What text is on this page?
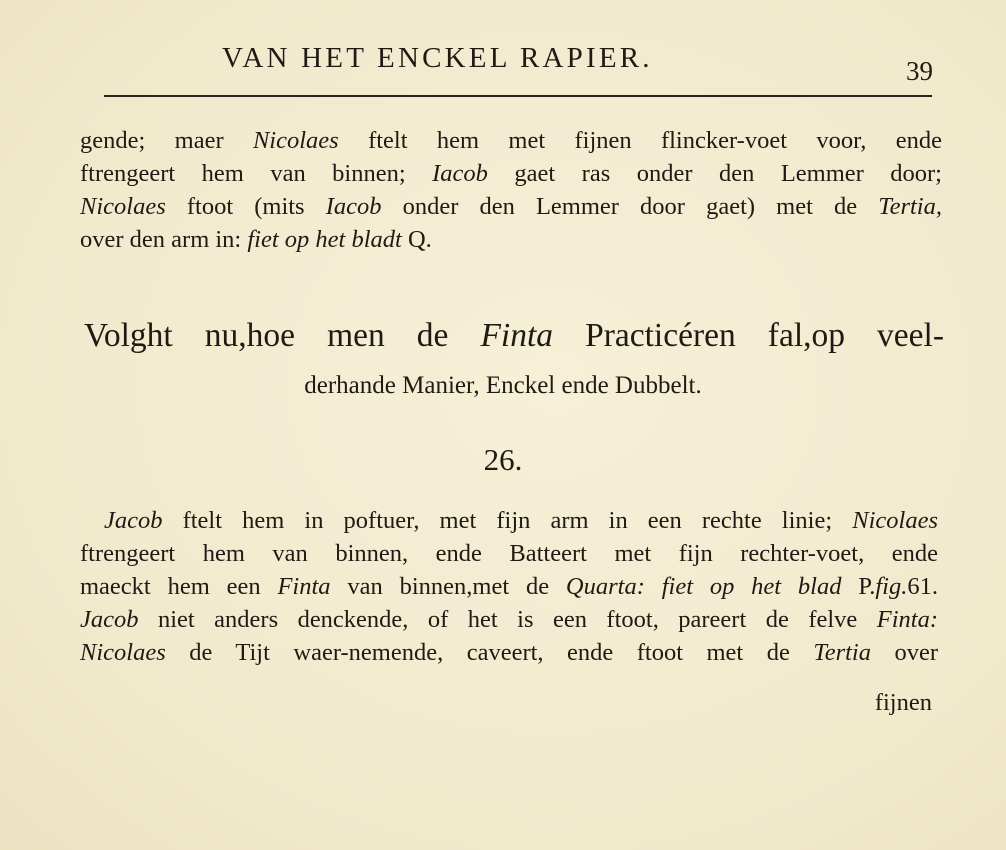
VAN HET ENCKEL RAPIER.	39
gende; maer Nicolaes ftelt hem met fijnen flincker-voet voor, ende
ftrengeert hem van binnen; Iacob gaet ras onder den Lemmer door;
Nicolaes ftoot (mits Iacob onder den Lemmer door gaet) met de Tertia,
over den arm in: fiet op het bladt Q.
Volght nu,hoe men de Finta Practicéren fal,op veel-
derhande Manier, Enckel ende Dubbelt.
26.
Jacob ftelt hem in poftuer, met fijn arm in een rechte linie; Nicolaes
ftrengeert hem van binnen, ende Batteert met fijn rechter-voet, ende
maeckt hem een Finta van binnen,met de Quarta: fiet op het blad P.fig.61.
Jacob niet anders denckende, of het is een ftoot, pareert de felve Finta:
Nicolaes de Tijt waer-nemende, caveert, ende ftoot met de Tertia over
fijnen
